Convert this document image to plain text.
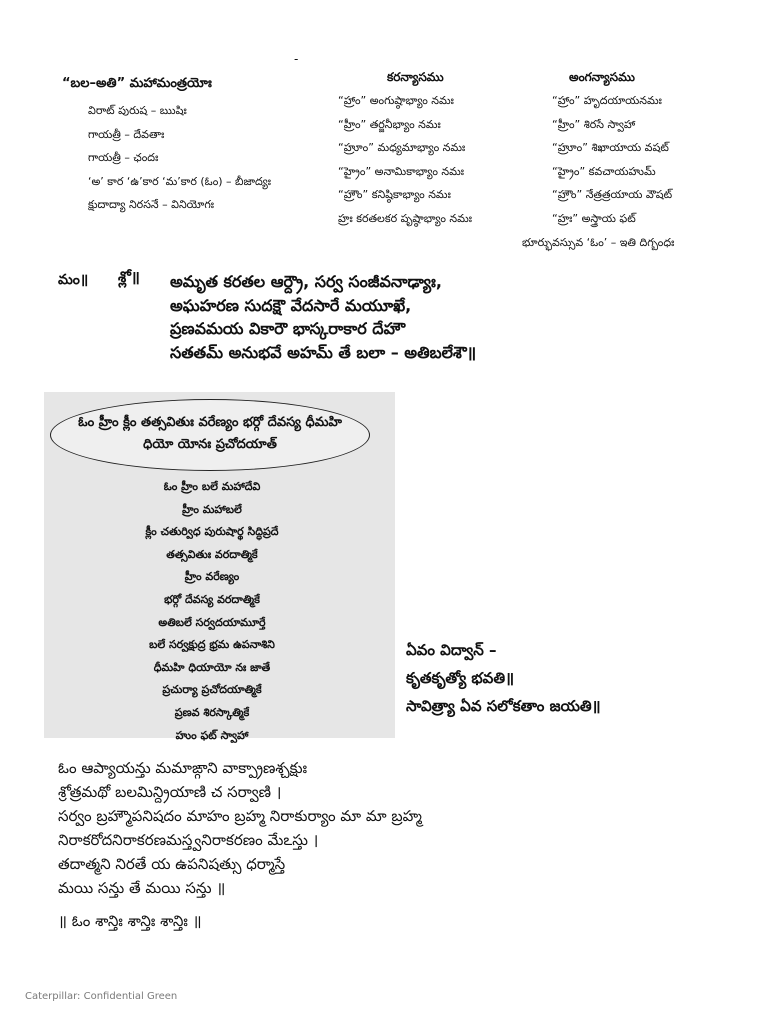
-
“బల–అతి” మహామంత్రయోః	కరన్యాసము	అంగన్యాసము
విరాట్ పురుష – ఋషిః
గాయత్రీ – దేవతాః
గాయత్రీ – ఛందః
‘అ’ కార ‘ఉ’కార ‘మ’కార (ఓం) – బీజాద్యః
క్షుదాద్యా నిరసనే – వినియోగః
“హ్రాం” అంగుష్ఠాభ్యాం నమః
“హ్రీం” తర్జనీభ్యాం నమః
“హ్రూం” మధ్యమాభ్యాం నమః
“హ్రైం” అనామికాభ్యాం నమః
“హ్రౌం” కనిష్ఠికాభ్యాం నమః
హ్రః కరతలకర పృష్ఠాభ్యాం నమః
“హ్రాం” హృదయాయనమః
“హ్రీం” శిరసే స్వాహా
“హ్రూం” శిఖాయాయ వషట్
“హ్రైం” కవచాయహుమ్
“హ్రౌం” నేత్రత్రయాయ వౌషట్
“హ్రః” అస్త్రాయ ఫట్
భూర్భువస్సువ ‘ఓం’ – ఇతి దిగ్బంధః
మం॥ శ్లో॥ అమృత కరతల ఆర్ద్రౌ, సర్వ సంజీవనాఢ్యాః,
అఘహరణ సుదక్షౌ వేదసారే మయూఖే,
ప్రణవమయ వికారౌ భాస్కరాకార దేహౌ
సతతమ్ అనుభవే అహమ్ తే బలా – అతిబలేశౌ॥
ఓం హ్రీం క్లీం తత్సవితుః వరేణ్యం భర్గో దేవస్య ధీమహి
ధియో యోనః ప్రచోదయాత్
ఓం హ్రీం బలే మహాదేవి
హ్రీం మహాబలే
క్లీం చతుర్విధ పురుషార్థ సిద్ధిప్రదే
తత్సవితుః వరదాత్మికే
హ్రీం వరేణ్యం
భర్గో దేవస్య వరదాత్మికే
అతిబలే సర్వదయామూర్తే
బలే సర్వక్షుద్ర భ్రమ ఉపనాశిని
ధీమహి ధియాయో నః జాతే
ప్రచుర్యా ప్రచోదయాత్మికే
ప్రణవ శిరస్కాత్మికే
హుం ఫట్ స్వాహా
ఏవం విద్వాన్ –
కృతకృత్యో భవతి॥
సావిత్ర్యా ఏవ సలోకతాం జయతి॥
ఓం ఆప్యాయన్తు మమాఙ్గాని వాక్ప్రాణశ్చక్షుః
శ్రోత్రమథో బలమిన్ద్రియాణి చ సర్వాణి ।
సర్వం బ్రహ్మౌపనిషదం మాహం బ్రహ్మ నిరాకుర్యాం మా మా బ్రహ్మ
నిరాకరోదనిరాకరణమస్త్వనిరాకరణం మేఽస్తు ।
తదాత్మని నిరతే య ఉపనిషత్సు ధర్మాస్తే
మయి సన్తు తే మయి సన్తు ॥
॥ ఓం శాన్తిః శాన్తిః శాన్తిః ॥
Caterpillar: Confidential Green
